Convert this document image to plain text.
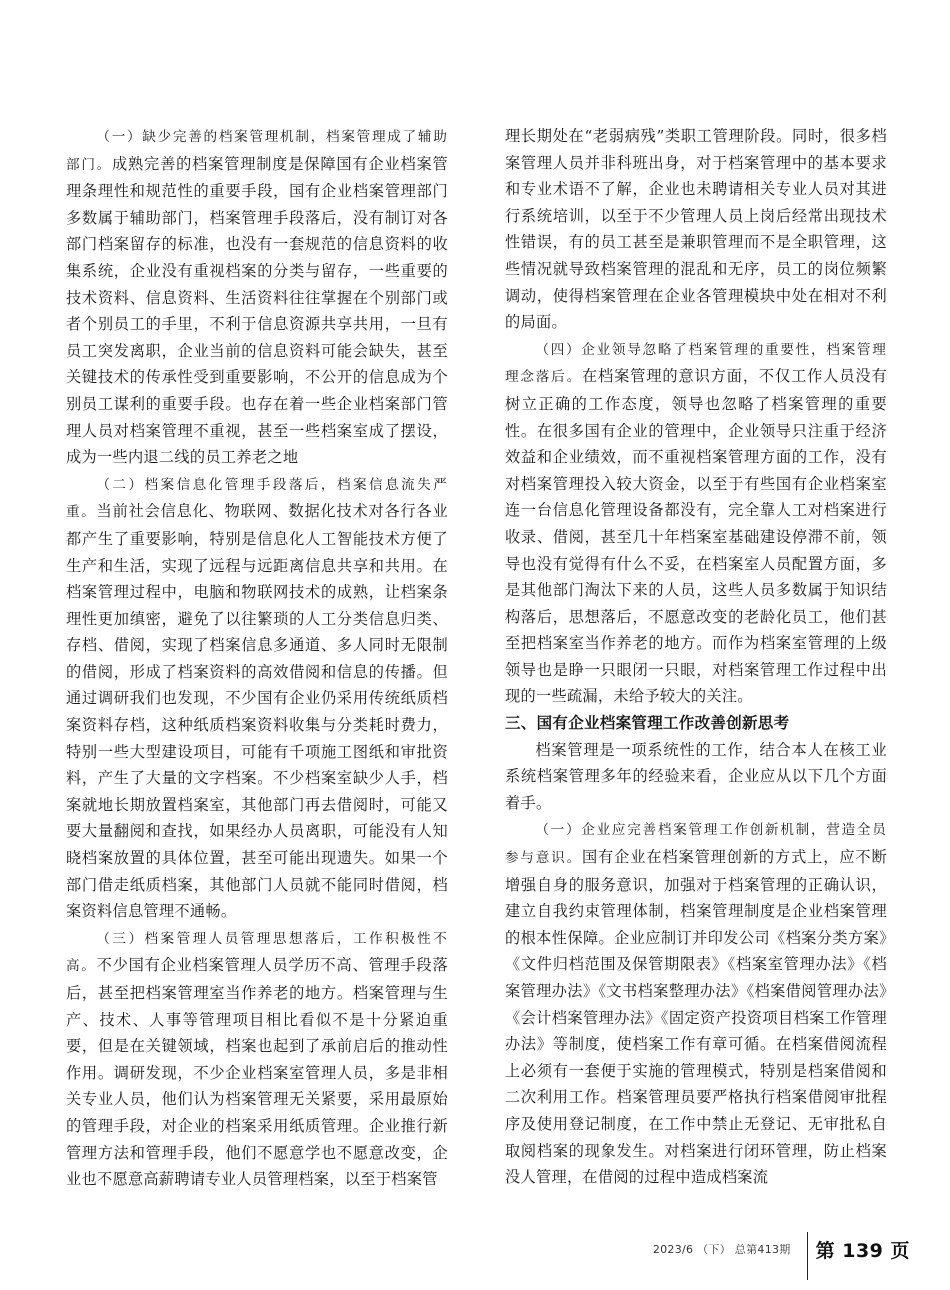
（一）缺少完善的档案管理机制，档案管理成了辅助部门。成熟完善的档案管理制度是保障国有企业档案管理条理性和规范性的重要手段，国有企业档案管理部门多数属于辅助部门，档案管理手段落后，没有制订对各部门档案留存的标准，也没有一套规范的信息资料的收集系统，企业没有重视档案的分类与留存，一些重要的技术资料、信息资料、生活资料往往掌握在个别部门或者个别员工的手里，不利于信息资源共享共用，一旦有员工突发离职，企业当前的信息资料可能会缺失，甚至关键技术的传承性受到重要影响，不公开的信息成为个别员工谋利的重要手段。也存在着一些企业档案部门管理人员对档案管理不重视，甚至一些档案室成了摆设，成为一些内退二线的员工养老之地

（二）档案信息化管理手段落后，档案信息流失严重。当前社会信息化、物联网、数据化技术对各行各业都产生了重要影响，特别是信息化人工智能技术方便了生产和生活，实现了远程与远距离信息共享和共用。在档案管理过程中，电脑和物联网技术的成熟，让档案条理性更加缜密，避免了以往繁琐的人工分类信息归类、存档、借阅，实现了档案信息多通道、多人同时无限制的借阅，形成了档案资料的高效借阅和信息的传播。但通过调研我们也发现，不少国有企业仍采用传统纸质档案资料存档，这种纸质档案资料收集与分类耗时费力，特别一些大型建设项目，可能有千项施工图纸和审批资料，产生了大量的文字档案。不少档案室缺少人手，档案就地长期放置档案室，其他部门再去借阅时，可能又要大量翻阅和查找，如果经办人员离职，可能没有人知晓档案放置的具体位置，甚至可能出现遗失。如果一个部门借走纸质档案，其他部门人员就不能同时借阅，档案资料信息管理不通畅。

（三）档案管理人员管理思想落后，工作积极性不高。不少国有企业档案管理人员学历不高、管理手段落后，甚至把档案管理室当作养老的地方。档案管理与生产、技术、人事等管理项目相比看似不是十分紧迫重要，但是在关键领域，档案也起到了承前启后的推动性作用。调研发现，不少企业档案室管理人员，多是非相关专业人员，他们认为档案管理无关紧要，采用最原始的管理手段，对企业的档案采用纸质管理。企业推行新管理方法和管理手段，他们不愿意学也不愿意改变，企业也不愿意高薪聘请专业人员管理档案，以至于档案管

理长期处在“老弱病残”类职工管理阶段。同时，很多档案管理人员并非科班出身，对于档案管理中的基本要求和专业术语不了解，企业也未聘请相关专业人员对其进行系统培训，以至于不少管理人员上岗后经常出现技术性错误，有的员工甚至是兼职管理而不是全职管理，这些情况就导致档案管理的混乱和无序，员工的岗位频繁调动，使得档案管理在企业各管理模块中处在相对不利的局面。

（四）企业领导忽略了档案管理的重要性，档案管理理念落后。在档案管理的意识方面，不仅工作人员没有树立正确的工作态度，领导也忽略了档案管理的重要性。在很多国有企业的管理中，企业领导只注重于经济效益和企业绩效，而不重视档案管理方面的工作，没有对档案管理投入较大资金，以至于有些国有企业档案室连一台信息化管理设备都没有，完全靠人工对档案进行收录、借阅，甚至几十年档案室基础建设停滞不前，领导也没有觉得有什么不妥，在档案室人员配置方面，多是其他部门淘汰下来的人员，这些人员多数属于知识结构落后，思想落后，不愿意改变的老龄化员工，他们甚至把档案室当作养老的地方。而作为档案室管理的上级领导也是睁一只眼闭一只眼，对档案管理工作过程中出现的一些疏漏，未给予较大的关注。

三、国有企业档案管理工作改善创新思考

档案管理是一项系统性的工作，结合本人在核工业系统档案管理多年的经验来看，企业应从以下几个方面着手。

（一）企业应完善档案管理工作创新机制，营造全员参与意识。国有企业在档案管理创新的方式上，应不断增强自身的服务意识，加强对于档案管理的正确认识，建立自我约束管理体制，档案管理制度是企业档案管理的根本性保障。企业应制订并印发公司《档案分类方案》《文件归档范围及保管期限表》《档案室管理办法》《档案管理办法》《文书档案整理办法》《档案借阅管理办法》《会计档案管理办法》《固定资产投资项目档案工作管理办法》等制度，使档案工作有章可循。在档案借阅流程上必须有一套便于实施的管理模式，特别是档案借阅和二次利用工作。档案管理员要严格执行档案借阅审批程序及使用登记制度，在工作中禁止无登记、无审批私自取阅档案的现象发生。对档案进行闭环管理，防止档案没人管理，在借阅的过程中造成档案流

2023/6 （下） 总第413期 第 139 页
